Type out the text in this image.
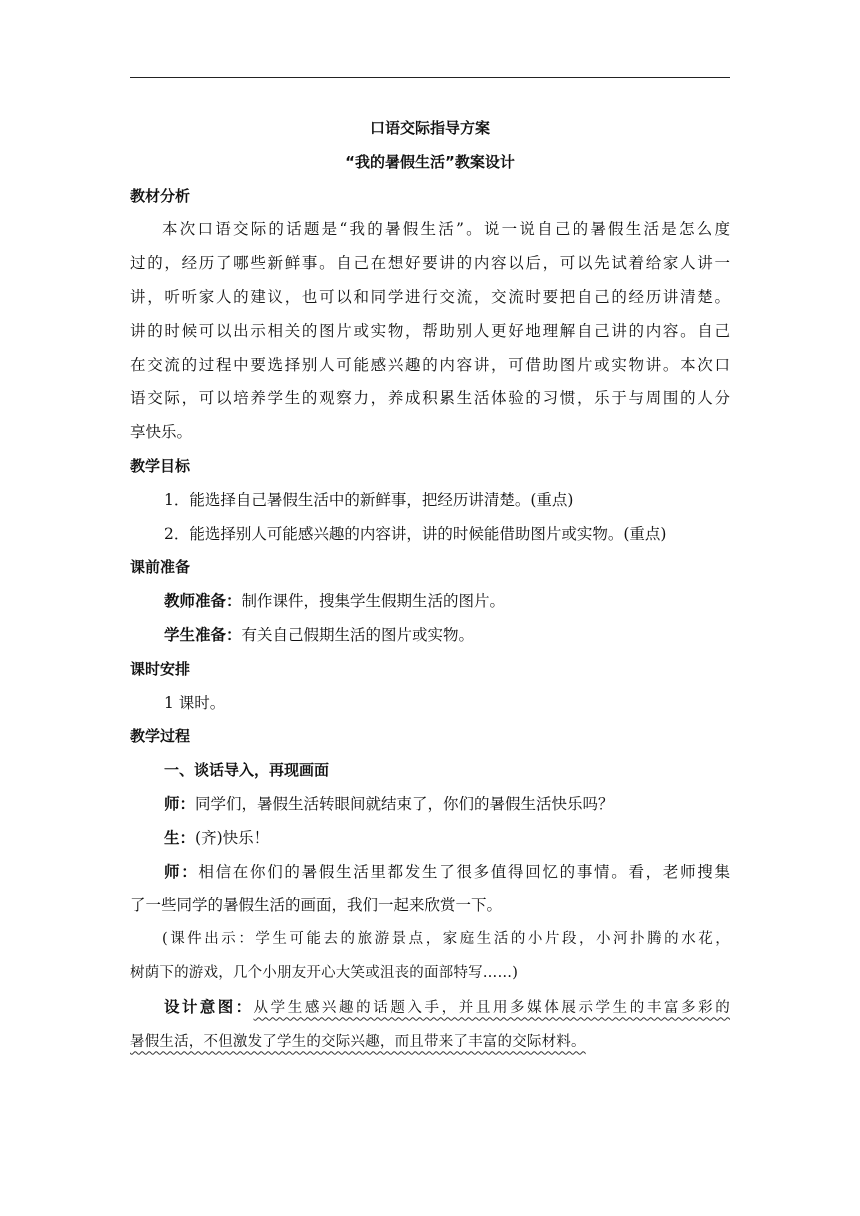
口语交际指导方案
“我的暑假生活”教案设计
教材分析
本次口语交际的话题是“我的暑假生活”。说一说自己的暑假生活是怎么度
过的，经历了哪些新鲜事。自己在想好要讲的内容以后，可以先试着给家人讲一
讲，听听家人的建议，也可以和同学进行交流，交流时要把自己的经历讲清楚。
讲的时候可以出示相关的图片或实物，帮助别人更好地理解自己讲的内容。自己
在交流的过程中要选择别人可能感兴趣的内容讲，可借助图片或实物讲。本次口
语交际，可以培养学生的观察力，养成积累生活体验的习惯，乐于与周围的人分
享快乐。
教学目标
1．能选择自己暑假生活中的新鲜事，把经历讲清楚。(重点)
2．能选择别人可能感兴趣的内容讲，讲的时候能借助图片或实物。(重点)
课前准备
教师准备：制作课件，搜集学生假期生活的图片。
学生准备：有关自己假期生活的图片或实物。
课时安排
1 课时。
教学过程
一、谈话导入，再现画面
师：同学们，暑假生活转眼间就结束了，你们的暑假生活快乐吗？
生：(齐)快乐！
师：相信在你们的暑假生活里都发生了很多值得回忆的事情。看，老师搜集
了一些同学的暑假生活的画面，我们一起来欣赏一下。
(课件出示：学生可能去的旅游景点，家庭生活的小片段，小河扑腾的水花，
树荫下的游戏，几个小朋友开心大笑或沮丧的面部特写……)
设计意图：从学生感兴趣的话题入手，并且用多媒体展示学生的丰富多彩的
暑假生活，不但激发了学生的交际兴趣，而且带来了丰富的交际材料。
